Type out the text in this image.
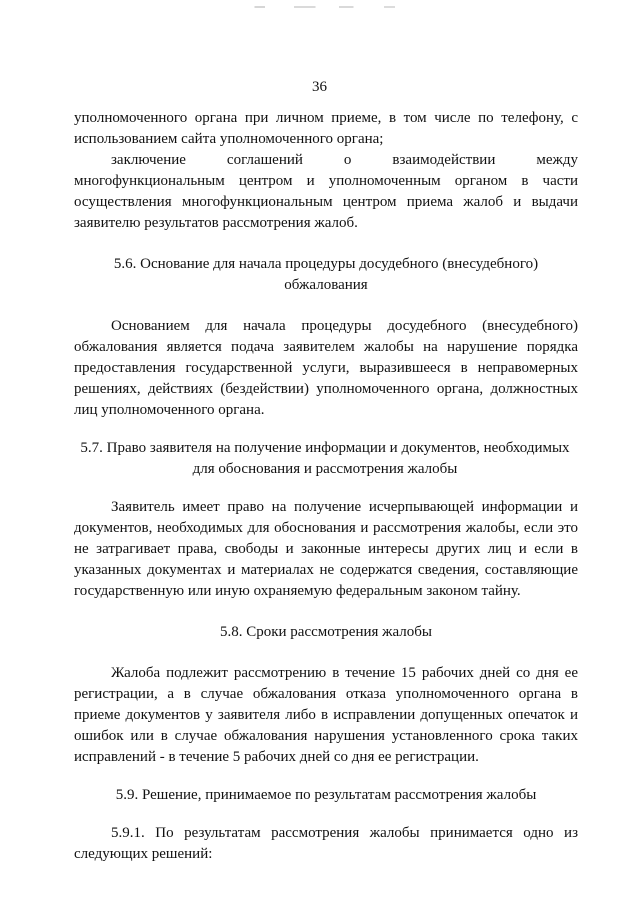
36

уполномоченного органа при личном приеме, в том числе по телефону, с использованием сайта уполномоченного органа;

заключение соглашений о взаимодействии между
многофункциональным центром и уполномоченным органом в части осуществления многофункциональным центром приема жалоб и выдачи заявителю результатов рассмотрения жалоб.

5.6. Основание для начала процедуры досудебного (внесудебного) обжалования

Основанием для начала процедуры досудебного (внесудебного) обжалования является подача заявителем жалобы на нарушение порядка предоставления государственной услуги, выразившееся в неправомерных решениях, действиях (бездействии) уполномоченного органа, должностных лиц уполномоченного органа.

5.7. Право заявителя на получение информации и документов, необходимых для обоснования и рассмотрения жалобы

Заявитель имеет право на получение исчерпывающей информации и документов, необходимых для обоснования и рассмотрения жалобы, если это не затрагивает права, свободы и законные интересы других лиц и если в указанных документах и материалах не содержатся сведения, составляющие государственную или иную охраняемую федеральным законом тайну.

5.8. Сроки рассмотрения жалобы

Жалоба подлежит рассмотрению в течение 15 рабочих дней со дня ее регистрации, а в случае обжалования отказа уполномоченного органа в приеме документов у заявителя либо в исправлении допущенных опечаток и ошибок или в случае обжалования нарушения установленного срока таких исправлений - в течение 5 рабочих дней со дня ее регистрации.

5.9. Решение, принимаемое по результатам рассмотрения жалобы

5.9.1. По результатам рассмотрения жалобы принимается одно из следующих решений:
